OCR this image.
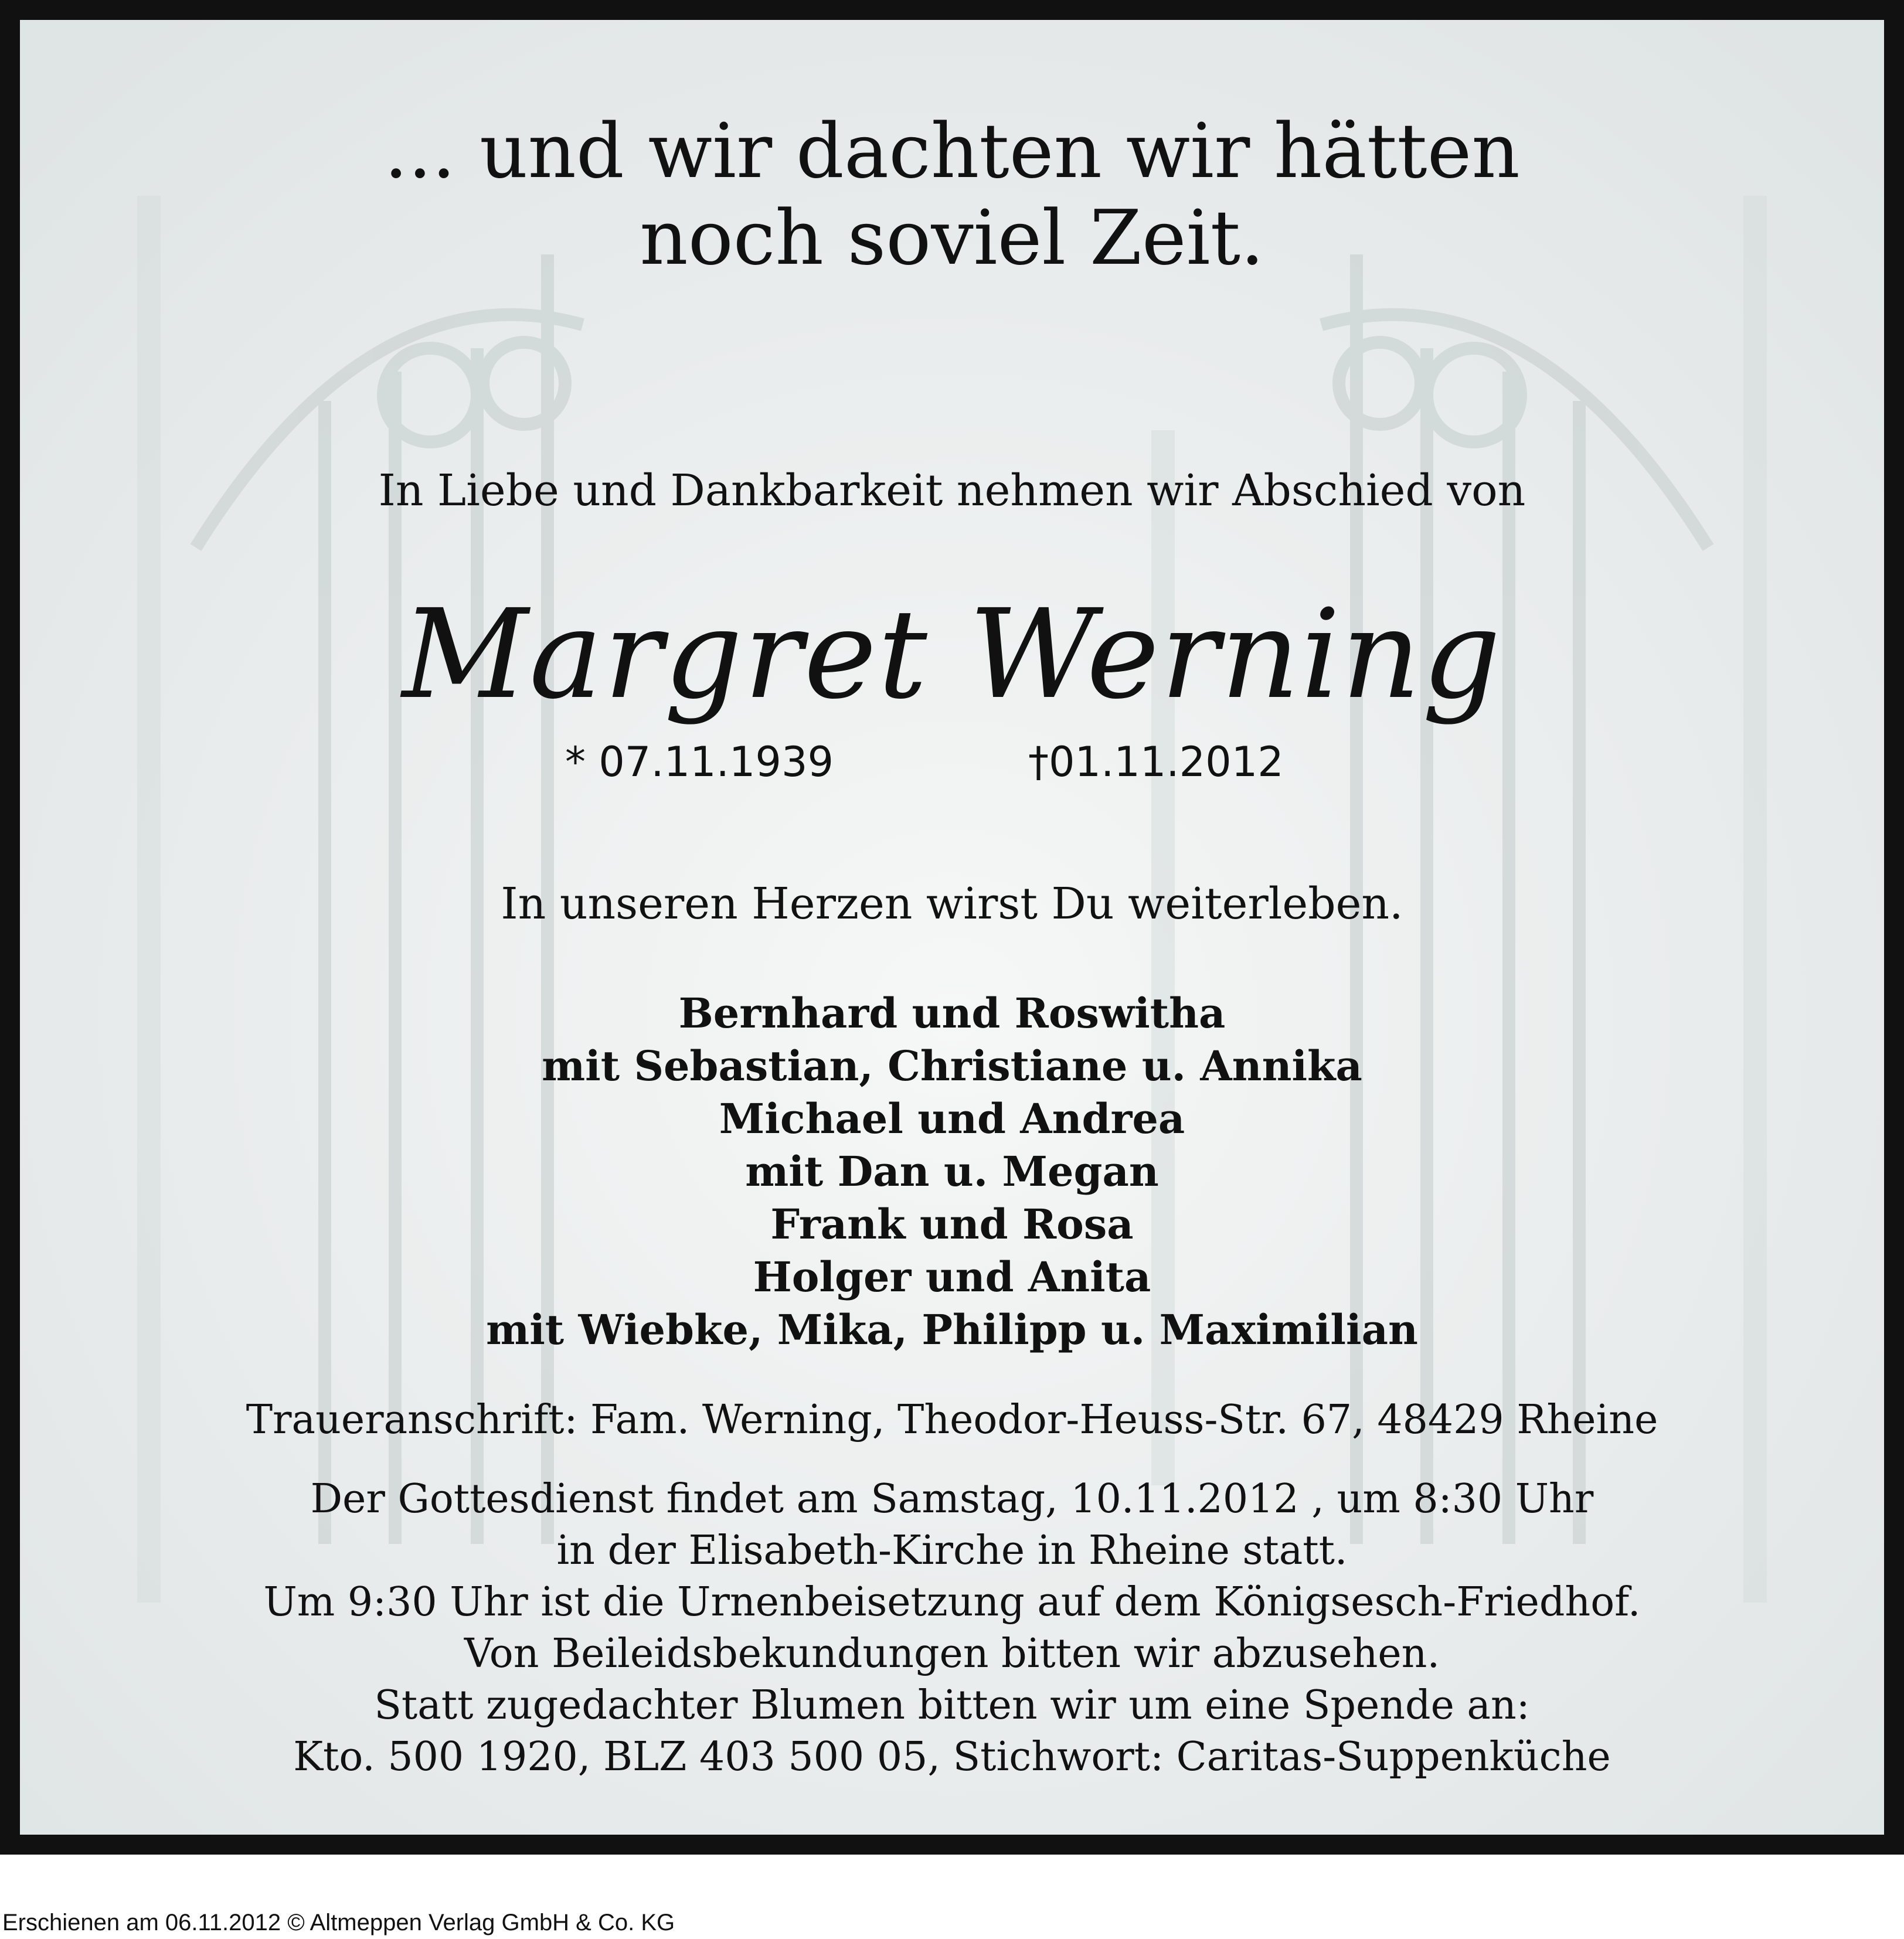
... und wir dachten wir hätten
noch soviel Zeit.
In Liebe und Dankbarkeit nehmen wir Abschied von
Margret Werning
* 07.11.1939	†01.11.2012
In unseren Herzen wirst Du weiterleben.
Bernhard und Roswitha
mit Sebastian, Christiane u. Annika
Michael und Andrea
mit Dan u. Megan
Frank und Rosa
Holger und Anita
mit Wiebke, Mika, Philipp u. Maximilian
Traueranschrift: Fam. Werning, Theodor-Heuss-Str. 67, 48429 Rheine
Der Gottesdienst findet am Samstag, 10.11.2012 , um 8:30 Uhr
in der Elisabeth-Kirche in Rheine statt.
Um 9:30 Uhr ist die Urnenbeisetzung auf dem Königsesch-Friedhof.
Von Beileidsbekundungen bitten wir abzusehen.
Statt zugedachter Blumen bitten wir um eine Spende an:
Kto. 500 1920, BLZ 403 500 05, Stichwort: Caritas-Suppenküche
Erschienen am 06.11.2012 © Altmeppen Verlag GmbH & Co. KG
